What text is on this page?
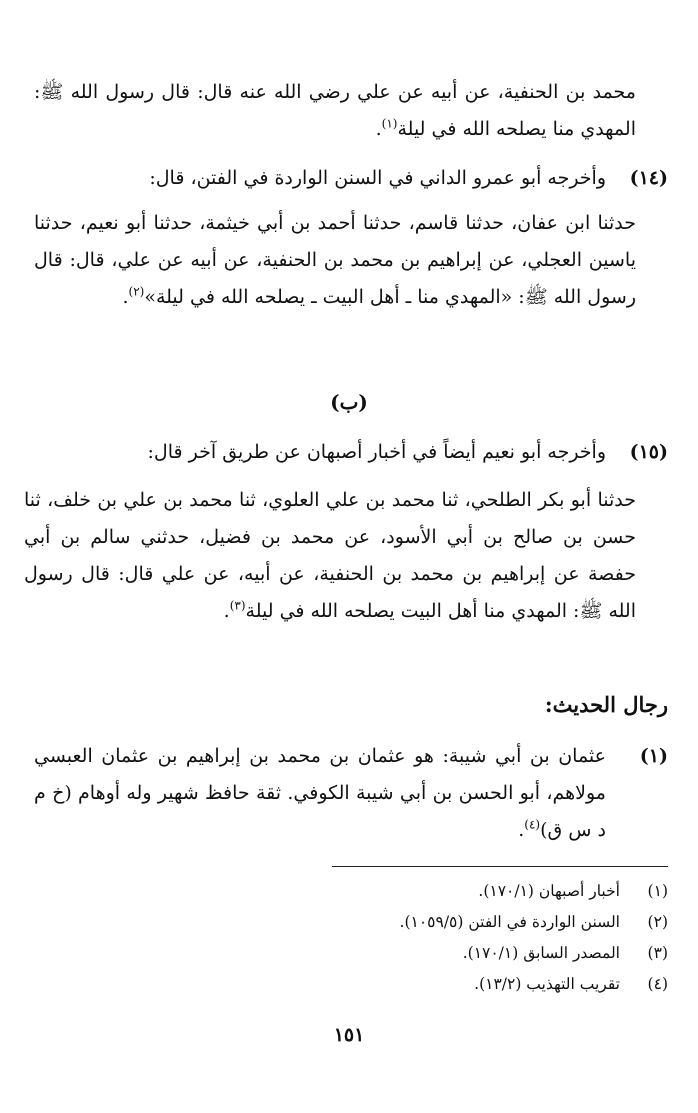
محمد بن الحنفية، عن أبيه عن علي رضي الله عنه قال: قال رسول الله ﷺ: المهدي منا يصلحه الله في ليلة$^{(١)}$.

(١٤)
وأخرجه أبو عمرو الداني في السنن الواردة في الفتن، قال:

حدثنا ابن عفان، حدثنا قاسم، حدثنا أحمد بن أبي خيثمة، حدثنا أبو نعيم، حدثنا ياسين العجلي، عن إبراهيم بن محمد بن الحنفية، عن أبيه عن علي، قال: قال رسول الله ﷺ: «المهدي منا ـ أهل البيت ـ يصلحه الله في ليلة»$^{(٢)}$.

(ب)
(١٥)
وأخرجه أبو نعيم أيضاً في أخبار أصبهان عن طريق آخر قال:

حدثنا أبو بكر الطلحي، ثنا محمد بن علي العلوي، ثنا محمد بن علي بن خلف، ثنا حسن بن صالح بن أبي الأسود، عن محمد بن فضيل، حدثني سالم بن أبي حفصة عن إبراهيم بن محمد بن الحنفية، عن أبيه، عن علي قال: قال رسول الله ﷺ: المهدي منا أهل البيت يصلحه الله في ليلة$^{(٣)}$.

رجال الحديث:
(١)
عثمان بن أبي شيبة: هو عثمان بن محمد بن إبراهيم بن عثمان العبسي مولاهم، أبو الحسن بن أبي شيبة الكوفي. ثقة حافظ شهير وله أوهام (خ م د س ق)$^{(٤)}$.
(١)
أخبار أصبهان (١٧٠/١).
(٢)
السنن الواردة في الفتن (١٠٥٩/٥).
(٣)
المصدر السابق (١٧٠/١).
(٤)
تقريب التهذيب (١٣/٢).
١٥١
